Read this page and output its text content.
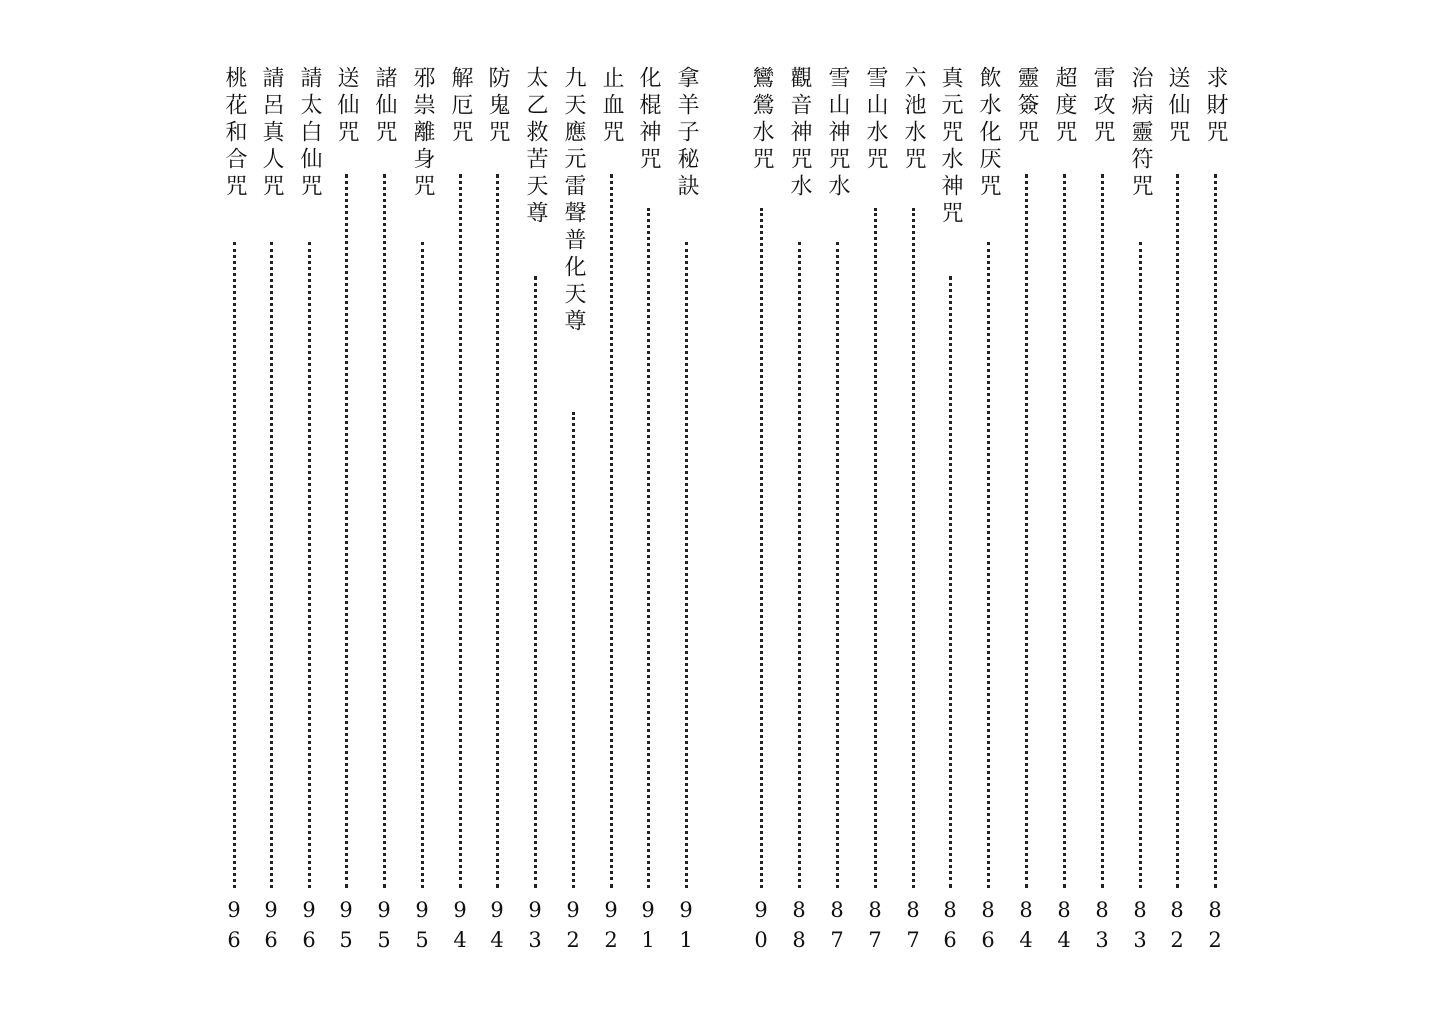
求財咒
82
送仙咒
82
治病靈符咒
83
雷攻咒
83
超度咒
84
靈簽咒
84
飲水化厌咒
86
真元咒水神咒
86
六池水咒
87
雪山水咒
87
雪山神咒水
87
觀音神咒水
88
鸞鶯水咒
90
拿羊子秘訣
91
化棍神咒
91
止血咒
92
九天應元雷聲普化天尊
92
太乙救苦天尊
93
防鬼咒
94
解厄咒
94
邪祟離身咒
95
諸仙咒
95
送仙咒
95
請太白仙咒
96
請呂真人咒
96
桃花和合咒
96
